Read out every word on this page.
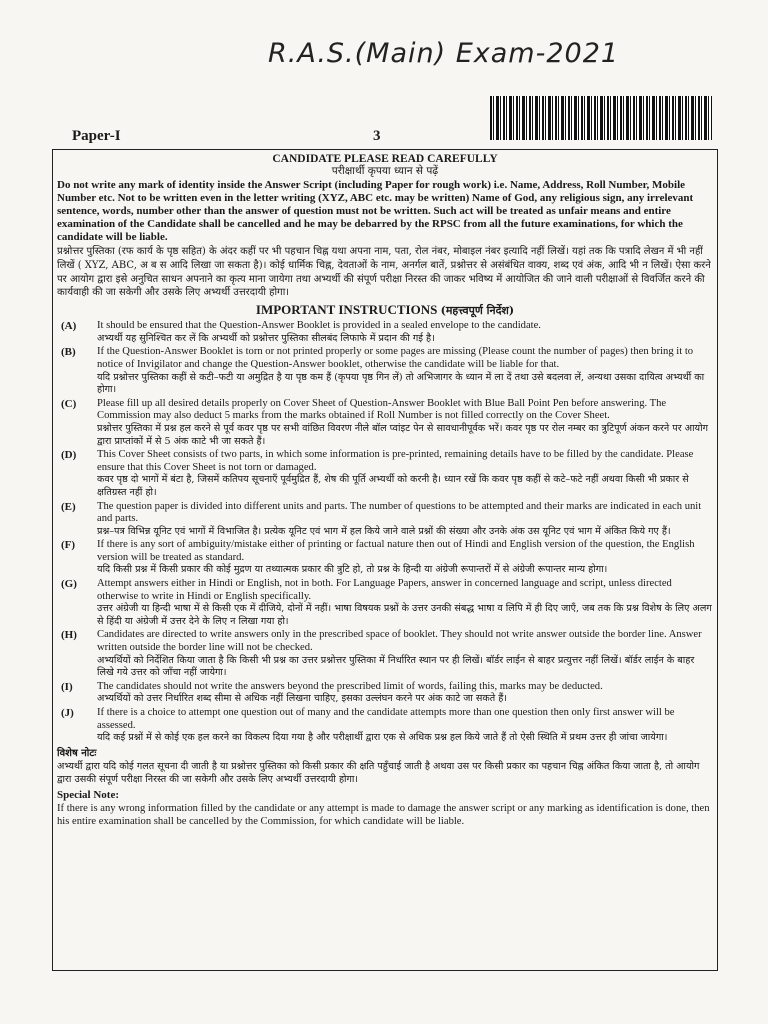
R.A.S.(Main) Exam-2021
Paper-I	3
CANDIDATE PLEASE READ CAREFULLY
परीक्षार्थी कृपया ध्यान से पढ़ें
Do not write any mark of identity inside the Answer Script (including Paper for rough work) i.e. Name, Address, Roll Number, Mobile Number etc. Not to be written even in the letter writing (XYZ, ABC etc. may be written) Name of God, any religious sign, any irrelevant sentence, words, number other than the answer of question must not be written. Such act will be treated as unfair means and entire examination of the Candidate shall be cancelled and he may be debarred by the RPSC from all the future examinations, for which the candidate will be liable.
प्रश्नोत्तर पुस्तिका (रफ कार्य के पृष्ठ सहित) के अंदर कहीं पर भी पहचान चिह्न यथा अपना नाम, पता, रोल नंबर, मोबाइल नंबर इत्यादि नहीं लिखें। यहां तक कि पत्रादि लेखन में भी नहीं लिखें ( XYZ, ABC, अ ब स आदि लिखा जा सकता है)। कोई धार्मिक चिह्न, देवताओं के नाम, अनर्गल बातें, प्रश्नोत्तर से असंबंधित वाक्य, शब्द एवं अंक, आदि भी न लिखें। ऐसा करने पर आयोग द्वारा इसे अनुचित साधन अपनाने का कृत्य माना जायेगा तथा अभ्यर्थी की संपूर्ण परीक्षा निरस्त की जाकर भविष्य में आयोजित की जाने वाली परीक्षाओं से विवर्जित करने की कार्यवाही की जा सकेगी और उसके लिए अभ्यर्थी उत्तरदायी होगा।
IMPORTANT INSTRUCTIONS (महत्त्वपूर्ण निर्देश)
(A)	It should be ensured that the Question-Answer Booklet is provided in a sealed envelope to the candidate.
अभ्यर्थी यह सुनिश्चित कर लें कि अभ्यर्थी को प्रश्नोत्तर पुस्तिका सीलबंद लिफाफे में प्रदान की गई है।
(B)	If the Question-Answer Booklet is torn or not printed properly or some pages are missing (Please count the number of pages) then bring it to notice of Invigilator and change the Question-Answer booklet, otherwise the candidate will be liable for that.
यदि प्रश्नोत्तर पुस्तिका कहीं से कटी–फटी या अमुद्रित है या पृष्ठ कम हैं (कृपया पृष्ठ गिन लें) तो अभिजागर के ध्यान में ला दें तथा उसे बदलवा लें, अन्यथा उसका दायित्व अभ्यर्थी का होगा।
(C)	Please fill up all desired details properly on Cover Sheet of Question-Answer Booklet with Blue Ball Point Pen before answering. The Commission may also deduct 5 marks from the marks obtained if Roll Number is not filled correctly on the Cover Sheet.
प्रश्नोत्तर पुस्तिका में प्रश्न हल करने से पूर्व कवर पृष्ठ पर सभी वांछित विवरण नीले बॉल प्वांइट पेन से सावधानीपूर्वक भरें। कवर पृष्ठ पर रोल नम्बर का त्रुटिपूर्ण अंकन करने पर आयोग द्वारा प्राप्तांकों में से 5 अंक काटे भी जा सकते हैं।
(D)	This Cover Sheet consists of two parts, in which some information is pre-printed, remaining details have to be filled by the candidate. Please ensure that this Cover Sheet is not torn or damaged.
कवर पृष्ठ दो भागों में बंटा है, जिसमें कतिपय सूचनाएँ पूर्वमुद्रित हैं, शेष की पूर्ति अभ्यर्थी को करनी है। ध्यान रखें कि कवर पृष्ठ कहीं से कटे–फटे नहीं अथवा किसी भी प्रकार से क्षतिग्रस्त नहीं हो।
(E)	The question paper is divided into different units and parts. The number of questions to be attempted and their marks are indicated in each unit and parts.
प्रश्न–पत्र विभिन्न यूनिट एवं भागों में विभाजित है। प्रत्येक यूनिट एवं भाग में हल किये जाने वाले प्रश्नों की संख्या और उनके अंक उस यूनिट एवं भाग में अंकित किये गए हैं।
(F)	If there is any sort of ambiguity/mistake either of printing or factual nature then out of Hindi and English version of the question, the English version will be treated as standard.
यदि किसी प्रश्न में किसी प्रकार की कोई मुद्रण या तथ्यात्मक प्रकार की त्रुटि हो, तो प्रश्न के हिन्दी या अंग्रेजी रूपान्तरों में से अंग्रेजी रूपान्तर मान्य होगा।
(G)	Attempt answers either in Hindi or English, not in both. For Language Papers, answer in concerned language and script, unless directed otherwise to write in Hindi or English specifically.
उत्तर अंग्रेजी या हिन्दी भाषा में से किसी एक में दीजिये, दोनों में नहीं। भाषा विषयक प्रश्नों के उत्तर उनकी संबद्ध भाषा व लिपि में ही दिए जाएँ, जब तक कि प्रश्न विशेष के लिए अलग से हिंदी या अंग्रेजी में उत्तर देने के लिए न लिखा गया हो।
(H)	Candidates are directed to write answers only in the prescribed space of booklet. They should not write answer outside the border line. Answer written outside the border line will not be checked.
अभ्यर्थियों को निर्देशित किया जाता है कि किसी भी प्रश्न का उत्तर प्रश्नोत्तर पुस्तिका में निर्धारित स्थान पर ही लिखें। बॉर्डर लाईन से बाहर प्रत्युत्तर नहीं लिखें। बॉर्डर लाईन के बाहर लिखे गये उत्तर को जाँचा नहीं जायेगा।
(I)	The candidates should not write the answers beyond the prescribed limit of words, failing this, marks may be deducted.
अभ्यर्थियों को उत्तर निर्धारित शब्द सीमा से अधिक नहीं लिखना चाहिए, इसका उल्लंघन करने पर अंक काटे जा सकते हैं।
(J)	If there is a choice to attempt one question out of many and the candidate attempts more than one question then only first answer will be assessed.
यदि कई प्रश्नों में से कोई एक हल करने का विकल्प दिया गया है और परीक्षार्थी द्वारा एक से अधिक प्रश्न हल किये जाते हैं तो ऐसी स्थिति में प्रथम उत्तर ही जांचा जायेगा।
विशेष नोटः
अभ्यर्थी द्वारा यदि कोई गलत सूचना दी जाती है या प्रश्नोत्तर पुस्तिका को किसी प्रकार की क्षति पहुँचाई जाती है अथवा उस पर किसी प्रकार का पहचान चिह्न अंकित किया जाता है, तो आयोग द्वारा उसकी संपूर्ण परीक्षा निरस्त की जा सकेगी और उसके लिए अभ्यर्थी उत्तरदायी होगा।
Special Note:
If there is any wrong information filled by the candidate or any attempt is made to damage the answer script or any marking as identification is done, then his entire examination shall be cancelled by the Commission, for which candidate will be liable.
